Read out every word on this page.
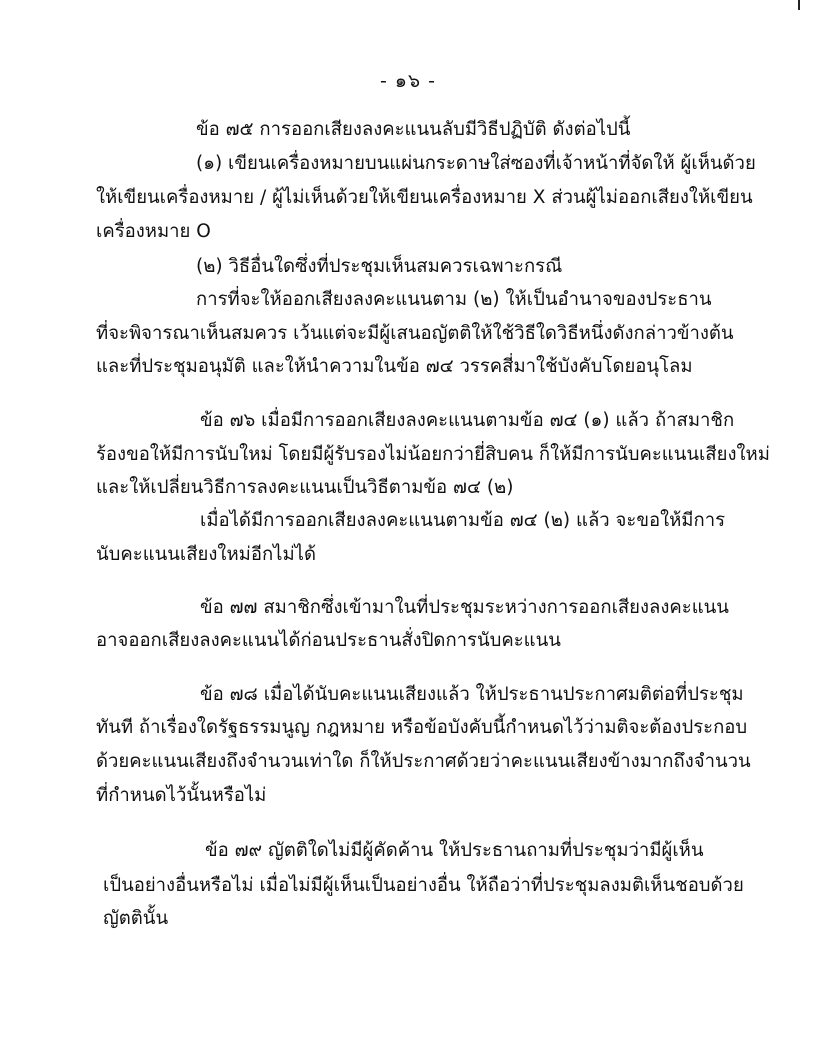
- ๑๖ -
ข้อ ๗๕ การออกเสียงลงคะแนนลับมีวิธีปฏิบัติ ดังต่อไปนี้
(๑) เขียนเครื่องหมายบนแผ่นกระดาษใส่ซองที่เจ้าหน้าที่จัดให้ ผู้เห็นด้วย
ให้เขียนเครื่องหมาย / ผู้ไม่เห็นด้วยให้เขียนเครื่องหมาย X ส่วนผู้ไม่ออกเสียงให้เขียน
เครื่องหมาย O
(๒) วิธีอื่นใดซึ่งที่ประชุมเห็นสมควรเฉพาะกรณี
การที่จะให้ออกเสียงลงคะแนนตาม (๒) ให้เป็นอำนาจของประธาน
ที่จะพิจารณาเห็นสมควร เว้นแต่จะมีผู้เสนอญัตติให้ใช้วิธีใดวิธีหนึ่งดังกล่าวข้างต้น
และที่ประชุมอนุมัติ และให้นำความในข้อ ๗๔ วรรคสี่มาใช้บังคับโดยอนุโลม
ข้อ ๗๖ เมื่อมีการออกเสียงลงคะแนนตามข้อ ๗๔ (๑) แล้ว ถ้าสมาชิก
ร้องขอให้มีการนับใหม่ โดยมีผู้รับรองไม่น้อยกว่ายี่สิบคน ก็ให้มีการนับคะแนนเสียงใหม่
และให้เปลี่ยนวิธีการลงคะแนนเป็นวิธีตามข้อ ๗๔ (๒)
เมื่อได้มีการออกเสียงลงคะแนนตามข้อ ๗๔ (๒) แล้ว จะขอให้มีการ
นับคะแนนเสียงใหม่อีกไม่ได้
ข้อ ๗๗ สมาชิกซึ่งเข้ามาในที่ประชุมระหว่างการออกเสียงลงคะแนน
อาจออกเสียงลงคะแนนได้ก่อนประธานสั่งปิดการนับคะแนน
ข้อ ๗๘ เมื่อได้นับคะแนนเสียงแล้ว ให้ประธานประกาศมติต่อที่ประชุม
ทันที ถ้าเรื่องใดรัฐธรรมนูญ กฎหมาย หรือข้อบังคับนี้กำหนดไว้ว่ามติจะต้องประกอบ
ด้วยคะแนนเสียงถึงจำนวนเท่าใด ก็ให้ประกาศด้วยว่าคะแนนเสียงข้างมากถึงจำนวน
ที่กำหนดไว้นั้นหรือไม่
ข้อ ๗๙ ญัตติใดไม่มีผู้คัดค้าน ให้ประธานถามที่ประชุมว่ามีผู้เห็น
เป็นอย่างอื่นหรือไม่ เมื่อไม่มีผู้เห็นเป็นอย่างอื่น ให้ถือว่าที่ประชุมลงมติเห็นชอบด้วย
ญัตตินั้น
